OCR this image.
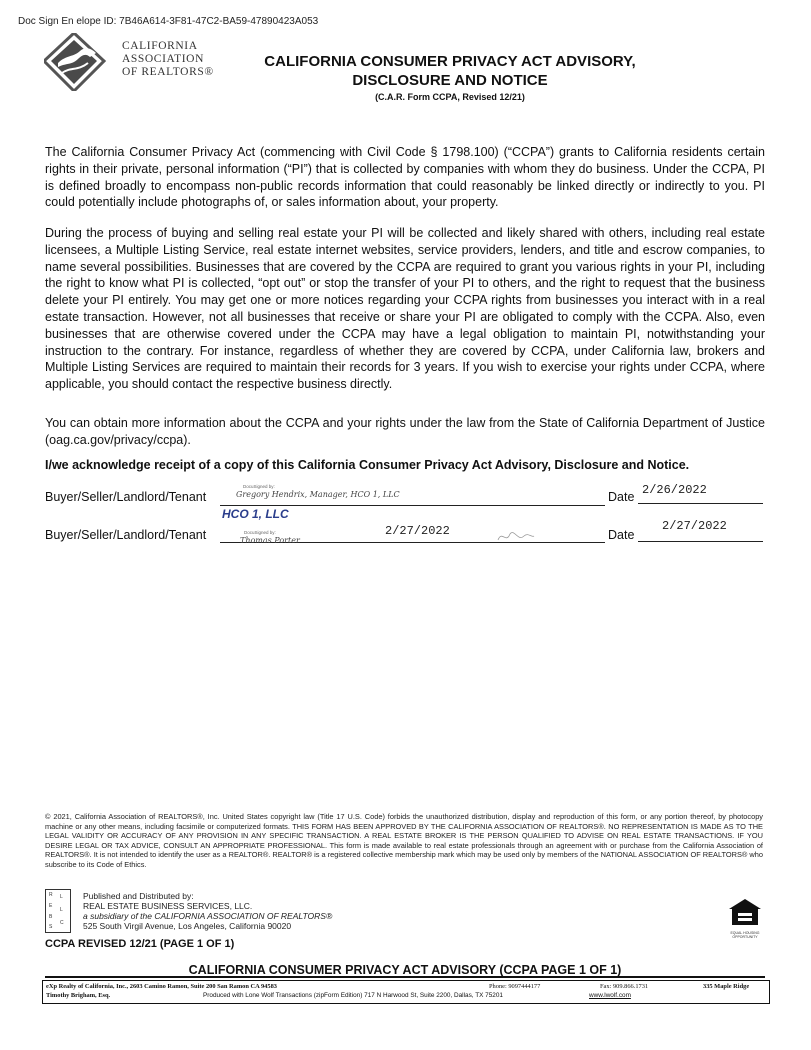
Doc Sign En elope ID: 7B46A614-3F81-47C2-BA59-47890423A053
CALIFORNIA
ASSOCIATION
OF REALTORS®
CALIFORNIA CONSUMER PRIVACY ACT ADVISORY,
DISCLOSURE AND NOTICE
(C.A.R. Form CCPA, Revised 12/21)
The California Consumer Privacy Act (commencing with Civil Code § 1798.100) (“CCPA”) grants to California residents certain rights in their private, personal information (“PI”) that is collected by companies with whom they do business. Under the CCPA, PI is defined broadly to encompass non-public records information that could reasonably be linked directly or indirectly to you. PI could potentially include photographs of, or sales information about, your property.
During the process of buying and selling real estate your PI will be collected and likely shared with others, including real estate licensees, a Multiple Listing Service, real estate internet websites, service providers, lenders, and title and escrow companies, to name several possibilities. Businesses that are covered by the CCPA are required to grant you various rights in your PI, including the right to know what PI is collected, “opt out” or stop the transfer of your PI to others, and the right to request that the business delete your PI entirely. You may get one or more notices regarding your CCPA rights from businesses you interact with in a real estate transaction. However, not all businesses that receive or share your PI are obligated to comply with the CCPA. Also, even businesses that are otherwise covered under the CCPA may have a legal obligation to maintain PI, notwithstanding your instruction to the contrary. For instance, regardless of whether they are covered by CCPA, under California law, brokers and Multiple Listing Services are required to maintain their records for 3 years. If you wish to exercise your rights under CCPA, where applicable, you should contact the respective business directly.
You can obtain more information about the CCPA and your rights under the law from the State of California Department of Justice (oag.ca.gov/privacy/ccpa).
I/we acknowledge receipt of a copy of this California Consumer Privacy Act Advisory, Disclosure and Notice.
Buyer/Seller/Landlord/Tenant
DocuSigned by:
Gregory Hendrix, Manager, HCO 1, LLC
HCO 1, LLC
Date 2/26/2022
Buyer/Seller/Landlord/Tenant	DocuSigned by:
Thomas Porter
2/27/2022	Date
2/27/2022
© 2021, California Association of REALTORS®, Inc. United States copyright law (Title 17 U.S. Code) forbids the unauthorized distribution, display and reproduction of this form, or any portion thereof, by photocopy machine or any other means, including facsimile or computerized formats. THIS FORM HAS BEEN APPROVED BY THE CALIFORNIA ASSOCIATION OF REALTORS®. NO REPRESENTATION IS MADE AS TO THE LEGAL VALIDITY OR ACCURACY OF ANY PROVISION IN ANY SPECIFIC TRANSACTION. A REAL ESTATE BROKER IS THE PERSON QUALIFIED TO ADVISE ON REAL ESTATE TRANSACTIONS. IF YOU DESIRE LEGAL OR TAX ADVICE, CONSULT AN APPROPRIATE PROFESSIONAL. This form is made available to real estate professionals through an agreement with or purchase from the California Association of REALTORS®. It is not intended to identify the user as a REALTOR®. REALTOR® is a registered collective membership mark which may be used only by members of the NATIONAL ASSOCIATION OF REALTORS® who subscribe to its Code of Ethics.
R L
E
L
B
C
S
Published and Distributed by:
REAL ESTATE BUSINESS SERVICES, LLC.
a subsidiary of the CALIFORNIA ASSOCIATION OF REALTORS®
525 South Virgil Avenue, Los Angeles, California 90020
EQUAL HOUSING OPPORTUNITY
CCPA REVISED 12/21 (PAGE 1 OF 1)
CALIFORNIA CONSUMER PRIVACY ACT ADVISORY (CCPA PAGE 1 OF 1)
eXp Realty of California, Inc., 2603 Camino Ramon, Suite 200 San Ramon CA 94583	Phone: 9097444177	Fax: 909.866.1731	335 Maple Ridge
Timothy Brigham, Esq.	Produced with Lone Wolf Transactions (zipForm Edition) 717 N Harwood St, Suite 2200, Dallas, TX 75201	www.lwolf.com
